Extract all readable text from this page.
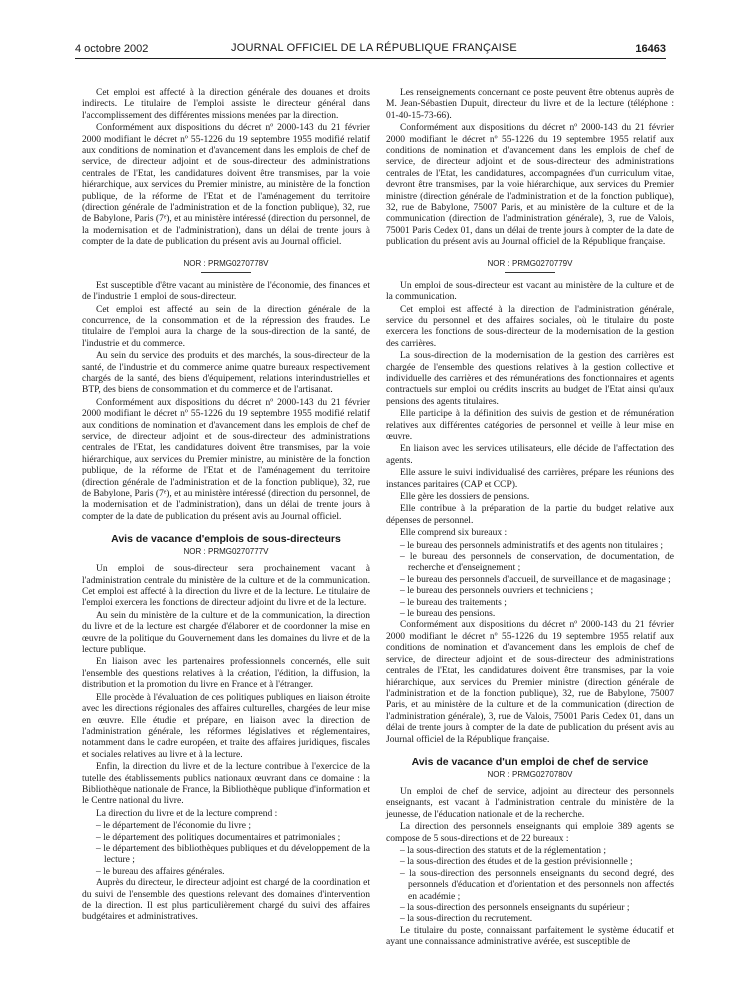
4 octobre 2002	JOURNAL OFFICIEL DE LA RÉPUBLIQUE FRANÇAISE	16463

Cet emploi est affecté à la direction générale des douanes et droits indirects. Le titulaire de l'emploi assiste le directeur général dans l'accomplissement des différentes missions menées par la direction.

Conformément aux dispositions du décret nº 2000-143 du 21 février 2000 modifiant le décret nº 55-1226 du 19 septembre 1955 modifié relatif aux conditions de nomination et d'avancement dans les emplois de chef de service, de directeur adjoint et de sous-directeur des administrations centrales de l'Etat, les candidatures doivent être transmises, par la voie hiérarchique, aux services du Premier ministre, au ministère de la fonction publique, de la réforme de l'Etat et de l'aménagement du territoire (direction générale de l'administration et de la fonction publique), 32, rue de Babylone, Paris (7ᵉ), et au ministère intéressé (direction du personnel, de la modernisation et de l'administration), dans un délai de trente jours à compter de la date de publication du présent avis au Journal officiel.

NOR : PRMG0270778V

Est susceptible d'être vacant au ministère de l'économie, des finances et de l'industrie 1 emploi de sous-directeur.

Cet emploi est affecté au sein de la direction générale de la concurrence, de la consommation et de la répression des fraudes. Le titulaire de l'emploi aura la charge de la sous-direction de la santé, de l'industrie et du commerce.

Au sein du service des produits et des marchés, la sous-directeur de la santé, de l'industrie et du commerce anime quatre bureaux respectivement chargés de la santé, des biens d'équipement, relations interindustrielles et BTP, des biens de consommation et du commerce et de l'artisanat.

Conformément aux dispositions du décret nº 2000-143 du 21 février 2000 modifiant le décret nº 55-1226 du 19 septembre 1955 modifié relatif aux conditions de nomination et d'avancement dans les emplois de chef de service, de directeur adjoint et de sous-directeur des administrations centrales de l'Etat, les candidatures doivent être transmises, par la voie hiérarchique, aux services du Premier ministre, au ministère de la fonction publique, de la réforme de l'Etat et de l'aménagement du territoire (direction générale de l'administration et de la fonction publique), 32, rue de Babylone, Paris (7ᵉ), et au ministère intéressé (direction du personnel, de la modernisation et de l'administration), dans un délai de trente jours à compter de la date de publication du présent avis au Journal officiel.

Avis de vacance d'emplois de sous-directeurs
NOR : PRMG0270777V

Un emploi de sous-directeur sera prochainement vacant à l'administration centrale du ministère de la culture et de la communication. Cet emploi est affecté à la direction du livre et de la lecture. Le titulaire de l'emploi exercera les fonctions de directeur adjoint du livre et de la lecture.

Au sein du ministère de la culture et de la communication, la direction du livre et de la lecture est chargée d'élaborer et de coordonner la mise en œuvre de la politique du Gouvernement dans les domaines du livre et de la lecture publique.

En liaison avec les partenaires professionnels concernés, elle suit l'ensemble des questions relatives à la création, l'édition, la diffusion, la distribution et la promotion du livre en France et à l'étranger.

Elle procède à l'évaluation de ces politiques publiques en liaison étroite avec les directions régionales des affaires culturelles, chargées de leur mise en œuvre. Elle étudie et prépare, en liaison avec la direction de l'administration générale, les réformes législatives et réglementaires, notamment dans le cadre européen, et traite des affaires juridiques, fiscales et sociales relatives au livre et à la lecture.

Enfin, la direction du livre et de la lecture contribue à l'exercice de la tutelle des établissements publics nationaux œuvrant dans ce domaine : la Bibliothèque nationale de France, la Bibliothèque publique d'information et le Centre national du livre.

La direction du livre et de la lecture comprend :

– le département de l'économie du livre ;
– le département des politiques documentaires et patrimoniales ;
– le département des bibliothèques publiques et du développement de la lecture ;
– le bureau des affaires générales.

Auprès du directeur, le directeur adjoint est chargé de la coordination et du suivi de l'ensemble des questions relevant des domaines d'intervention de la direction. Il est plus particulièrement chargé du suivi des affaires budgétaires et administratives.

Les renseignements concernant ce poste peuvent être obtenus auprès de M. Jean-Sébastien Dupuit, directeur du livre et de la lecture (téléphone : 01-40-15-73-66).

Conformément aux dispositions du décret nº 2000-143 du 21 février 2000 modifiant le décret nº 55-1226 du 19 septembre 1955 relatif aux conditions de nomination et d'avancement dans les emplois de chef de service, de directeur adjoint et de sous-directeur des administrations centrales de l'Etat, les candidatures, accompagnées d'un curriculum vitae, devront être transmises, par la voie hiérarchique, aux services du Premier ministre (direction générale de l'administration et de la fonction publique), 32, rue de Babylone, 75007 Paris, et au ministère de la culture et de la communication (direction de l'administration générale), 3, rue de Valois, 75001 Paris Cedex 01, dans un délai de trente jours à compter de la date de publication du présent avis au Journal officiel de la République française.

NOR : PRMG0270779V

Un emploi de sous-directeur est vacant au ministère de la culture et de la communication.

Cet emploi est affecté à la direction de l'administration générale, service du personnel et des affaires sociales, où le titulaire du poste exercera les fonctions de sous-directeur de la modernisation de la gestion des carrières.

La sous-direction de la modernisation de la gestion des carrières est chargée de l'ensemble des questions relatives à la gestion collective et individuelle des carrières et des rémunérations des fonctionnaires et agents contractuels sur emploi ou crédits inscrits au budget de l'Etat ainsi qu'aux pensions des agents titulaires.

Elle participe à la définition des suivis de gestion et de rémunération relatives aux différentes catégories de personnel et veille à leur mise en œuvre.

En liaison avec les services utilisateurs, elle décide de l'affectation des agents.

Elle assure le suivi individualisé des carrières, prépare les réunions des instances paritaires (CAP et CCP).

Elle gère les dossiers de pensions.

Elle contribue à la préparation de la partie du budget relative aux dépenses de personnel.

Elle comprend six bureaux :

– le bureau des personnels administratifs et des agents non titulaires ;
– le bureau des personnels de conservation, de documentation, de recherche et d'enseignement ;
– le bureau des personnels d'accueil, de surveillance et de magasinage ;
– le bureau des personnels ouvriers et techniciens ;
– le bureau des traitements ;
– le bureau des pensions.

Conformément aux dispositions du décret nº 2000-143 du 21 février 2000 modifiant le décret nº 55-1226 du 19 septembre 1955 relatif aux conditions de nomination et d'avancement dans les emplois de chef de service, de directeur adjoint et de sous-directeur des administrations centrales de l'Etat, les candidatures doivent être transmises, par la voie hiérarchique, aux services du Premier ministre (direction générale de l'administration et de la fonction publique), 32, rue de Babylone, 75007 Paris, et au ministère de la culture et de la communication (direction de l'administration générale), 3, rue de Valois, 75001 Paris Cedex 01, dans un délai de trente jours à compter de la date de publication du présent avis au Journal officiel de la République française.

Avis de vacance d'un emploi de chef de service
NOR : PRMG0270780V

Un emploi de chef de service, adjoint au directeur des personnels enseignants, est vacant à l'administration centrale du ministère de la jeunesse, de l'éducation nationale et de la recherche.

La direction des personnels enseignants qui emploie 389 agents se compose de 5 sous-directions et de 22 bureaux :

– la sous-direction des statuts et de la réglementation ;
– la sous-direction des études et de la gestion prévisionnelle ;
– la sous-direction des personnels enseignants du second degré, des personnels d'éducation et d'orientation et des personnels non affectés en académie ;
– la sous-direction des personnels enseignants du supérieur ;
– la sous-direction du recrutement.

Le titulaire du poste, connaissant parfaitement le système éducatif et ayant une connaissance administrative avérée, est susceptible de
